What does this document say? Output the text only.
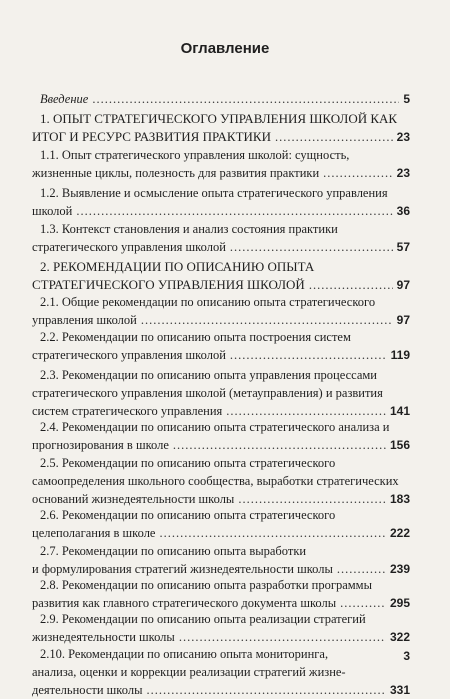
Оглавление
Введение .....	5
1. ОПЫТ СТРАТЕГИЧЕСКОГО УПРАВЛЕНИЯ ШКОЛОЙ КАК
ИТОГ И РЕСУРС РАЗВИТИЯ ПРАКТИКИ .....	23
1.1. Опыт стратегического управления школой: сущность,
жизненные циклы, полезность для развития практики .....	23
1.2. Выявление и осмысление опыта стратегического управления
школой .....	36
1.3. Контекст становления и анализ состояния практики
стратегического управления школой .....	57
2. РЕКОМЕНДАЦИИ ПО ОПИСАНИЮ ОПЫТА
СТРАТЕГИЧЕСКОГО УПРАВЛЕНИЯ ШКОЛОЙ .....	97
2.1. Общие рекомендации по описанию опыта стратегического
управления школой .....	97
2.2. Рекомендации по описанию опыта построения систем
стратегического управления школой .....	119
2.3. Рекомендации по описанию опыта управления процессами
стратегического управления школой (метауправления) и развития
систем стратегического управления .....	141
2.4. Рекомендации по описанию опыта стратегического анализа и
прогнозирования в школе .....	156
2.5. Рекомендации по описанию опыта стратегического
самоопределения школьного сообщества, выработки стратегических
оснований жизнедеятельности школы .....	183
2.6. Рекомендации по описанию опыта стратегического
целеполагания в школе .....	222
2.7. Рекомендации по описанию опыта выработки
и формулирования стратегий жизнедеятельности школы .....	239
2.8. Рекомендации по описанию опыта разработки программы
развития как главного стратегического документа школы .....	295
2.9. Рекомендации по описанию опыта реализации стратегий
жизнедеятельности школы .....	322
2.10. Рекомендации по описанию опыта мониторинга,
анализа, оценки и коррекции реализации стратегий жизне-
деятельности школы .....	331
3
